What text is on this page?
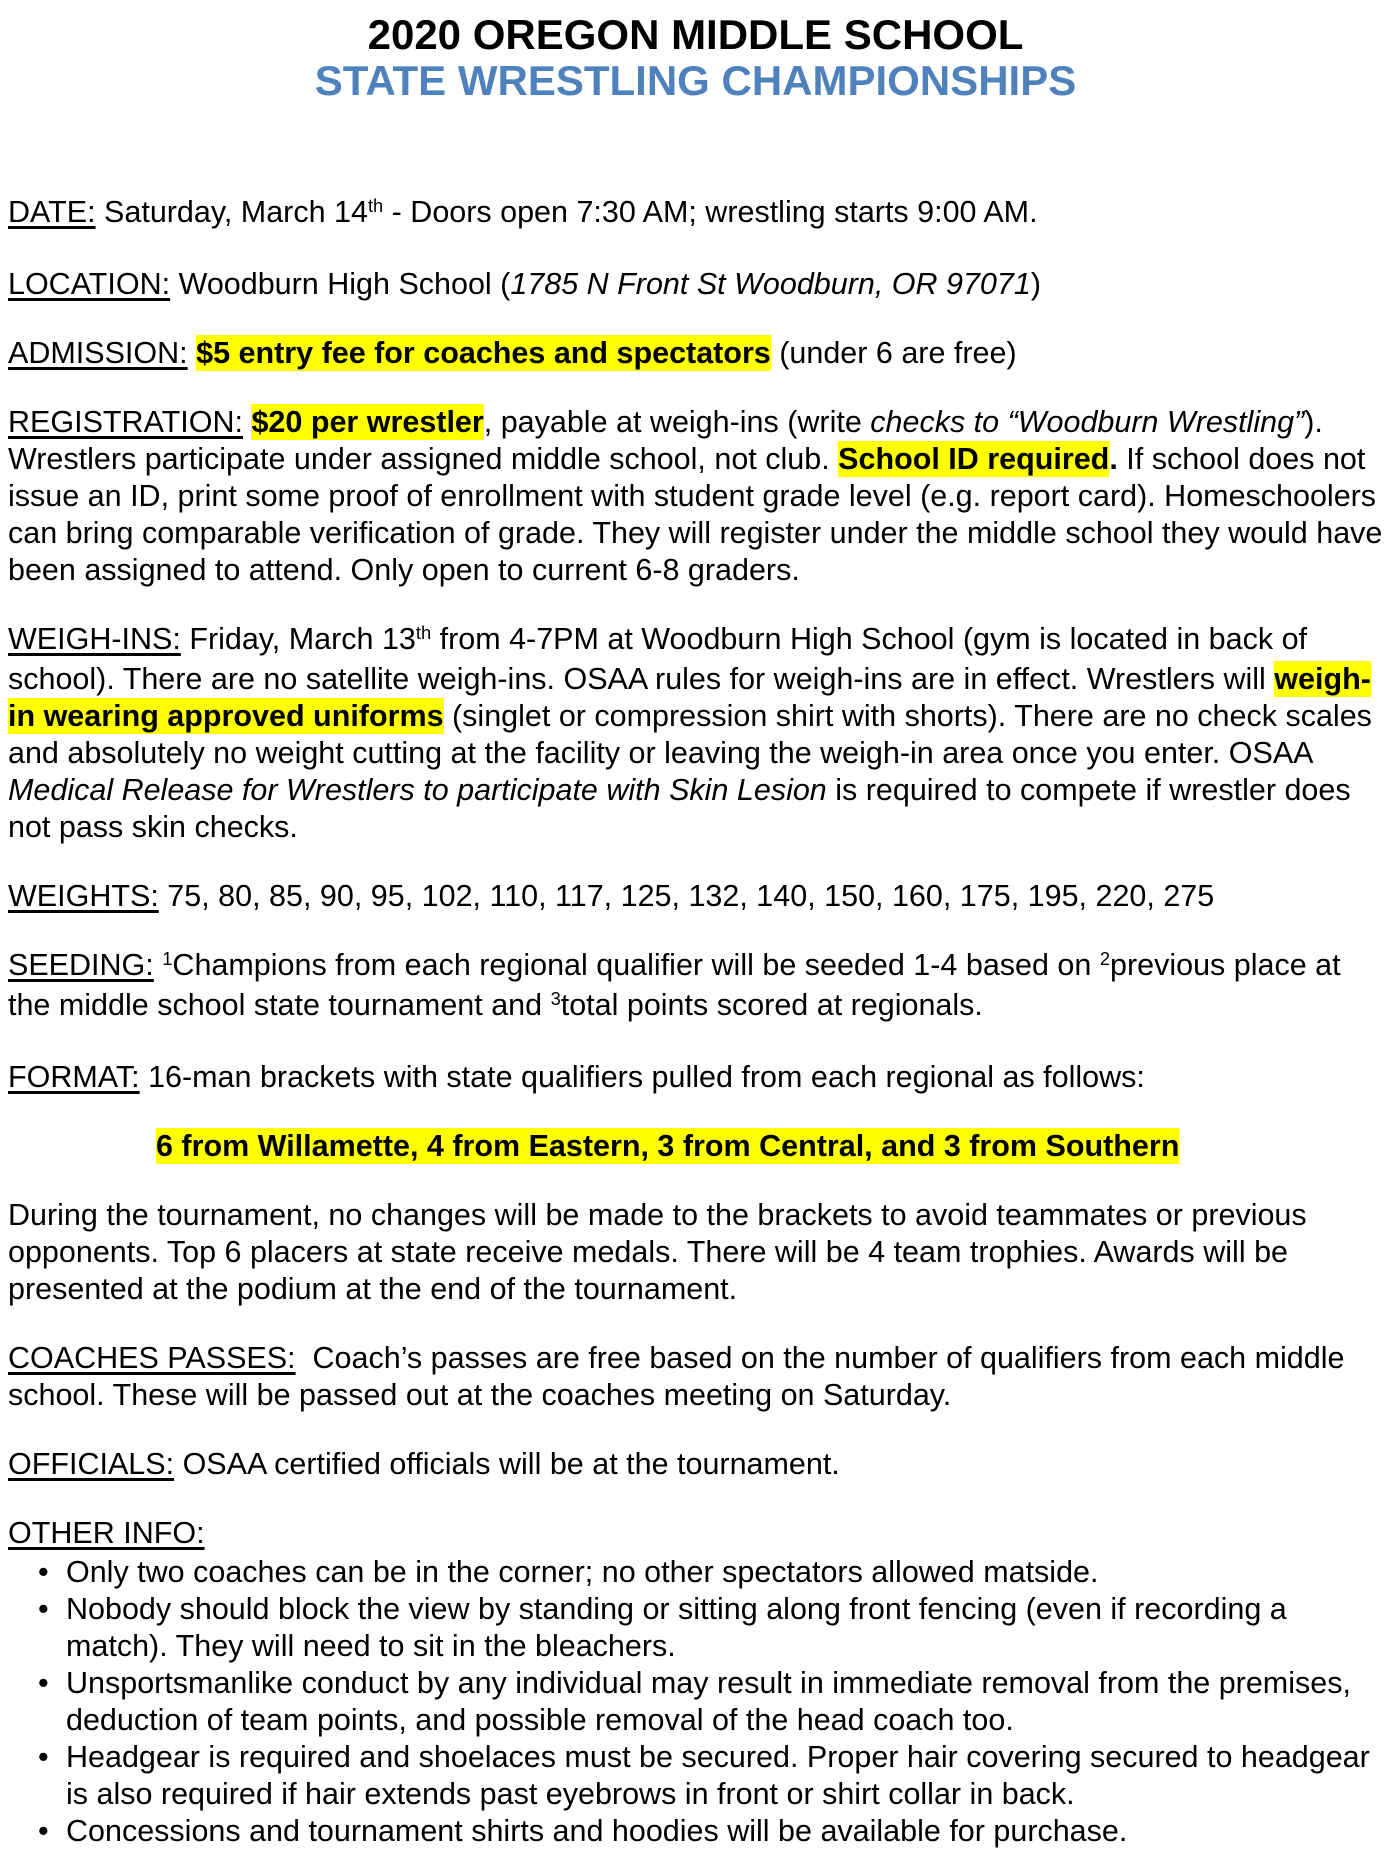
2020 OREGON MIDDLE SCHOOL
STATE WRESTLING CHAMPIONSHIPS
DATE: Saturday, March 14th - Doors open 7:30 AM; wrestling starts 9:00 AM.
LOCATION: Woodburn High School (1785 N Front St Woodburn, OR 97071)
ADMISSION: $5 entry fee for coaches and spectators (under 6 are free)
REGISTRATION: $20 per wrestler, payable at weigh-ins (write checks to “Woodburn Wrestling”). Wrestlers participate under assigned middle school, not club. School ID required. If school does not issue an ID, print some proof of enrollment with student grade level (e.g. report card). Homeschoolers can bring comparable verification of grade. They will register under the middle school they would have been assigned to attend. Only open to current 6-8 graders.
WEIGH-INS: Friday, March 13th from 4-7PM at Woodburn High School (gym is located in back of school). There are no satellite weigh-ins. OSAA rules for weigh-ins are in effect. Wrestlers will weigh-in wearing approved uniforms (singlet or compression shirt with shorts). There are no check scales and absolutely no weight cutting at the facility or leaving the weigh-in area once you enter. OSAA Medical Release for Wrestlers to participate with Skin Lesion is required to compete if wrestler does not pass skin checks.
WEIGHTS: 75, 80, 85, 90, 95, 102, 110, 117, 125, 132, 140, 150, 160, 175, 195, 220, 275
SEEDING: $^1$Champions from each regional qualifier will be seeded 1-4 based on $^2$previous place at the middle school state tournament and $^3$total points scored at regionals.
FORMAT: 16-man brackets with state qualifiers pulled from each regional as follows:
6 from Willamette, 4 from Eastern, 3 from Central, and 3 from Southern
During the tournament, no changes will be made to the brackets to avoid teammates or previous opponents. Top 6 placers at state receive medals. There will be 4 team trophies. Awards will be presented at the podium at the end of the tournament.
COACHES PASSES:  Coach’s passes are free based on the number of qualifiers from each middle school. These will be passed out at the coaches meeting on Saturday.
OFFICIALS: OSAA certified officials will be at the tournament.
OTHER INFO:
• Only two coaches can be in the corner; no other spectators allowed matside.
• Nobody should block the view by standing or sitting along front fencing (even if recording a match). They will need to sit in the bleachers.
• Unsportsmanlike conduct by any individual may result in immediate removal from the premises, deduction of team points, and possible removal of the head coach too.
• Headgear is required and shoelaces must be secured. Proper hair covering secured to headgear is also required if hair extends past eyebrows in front or shirt collar in back.
• Concessions and tournament shirts and hoodies will be available for purchase.
